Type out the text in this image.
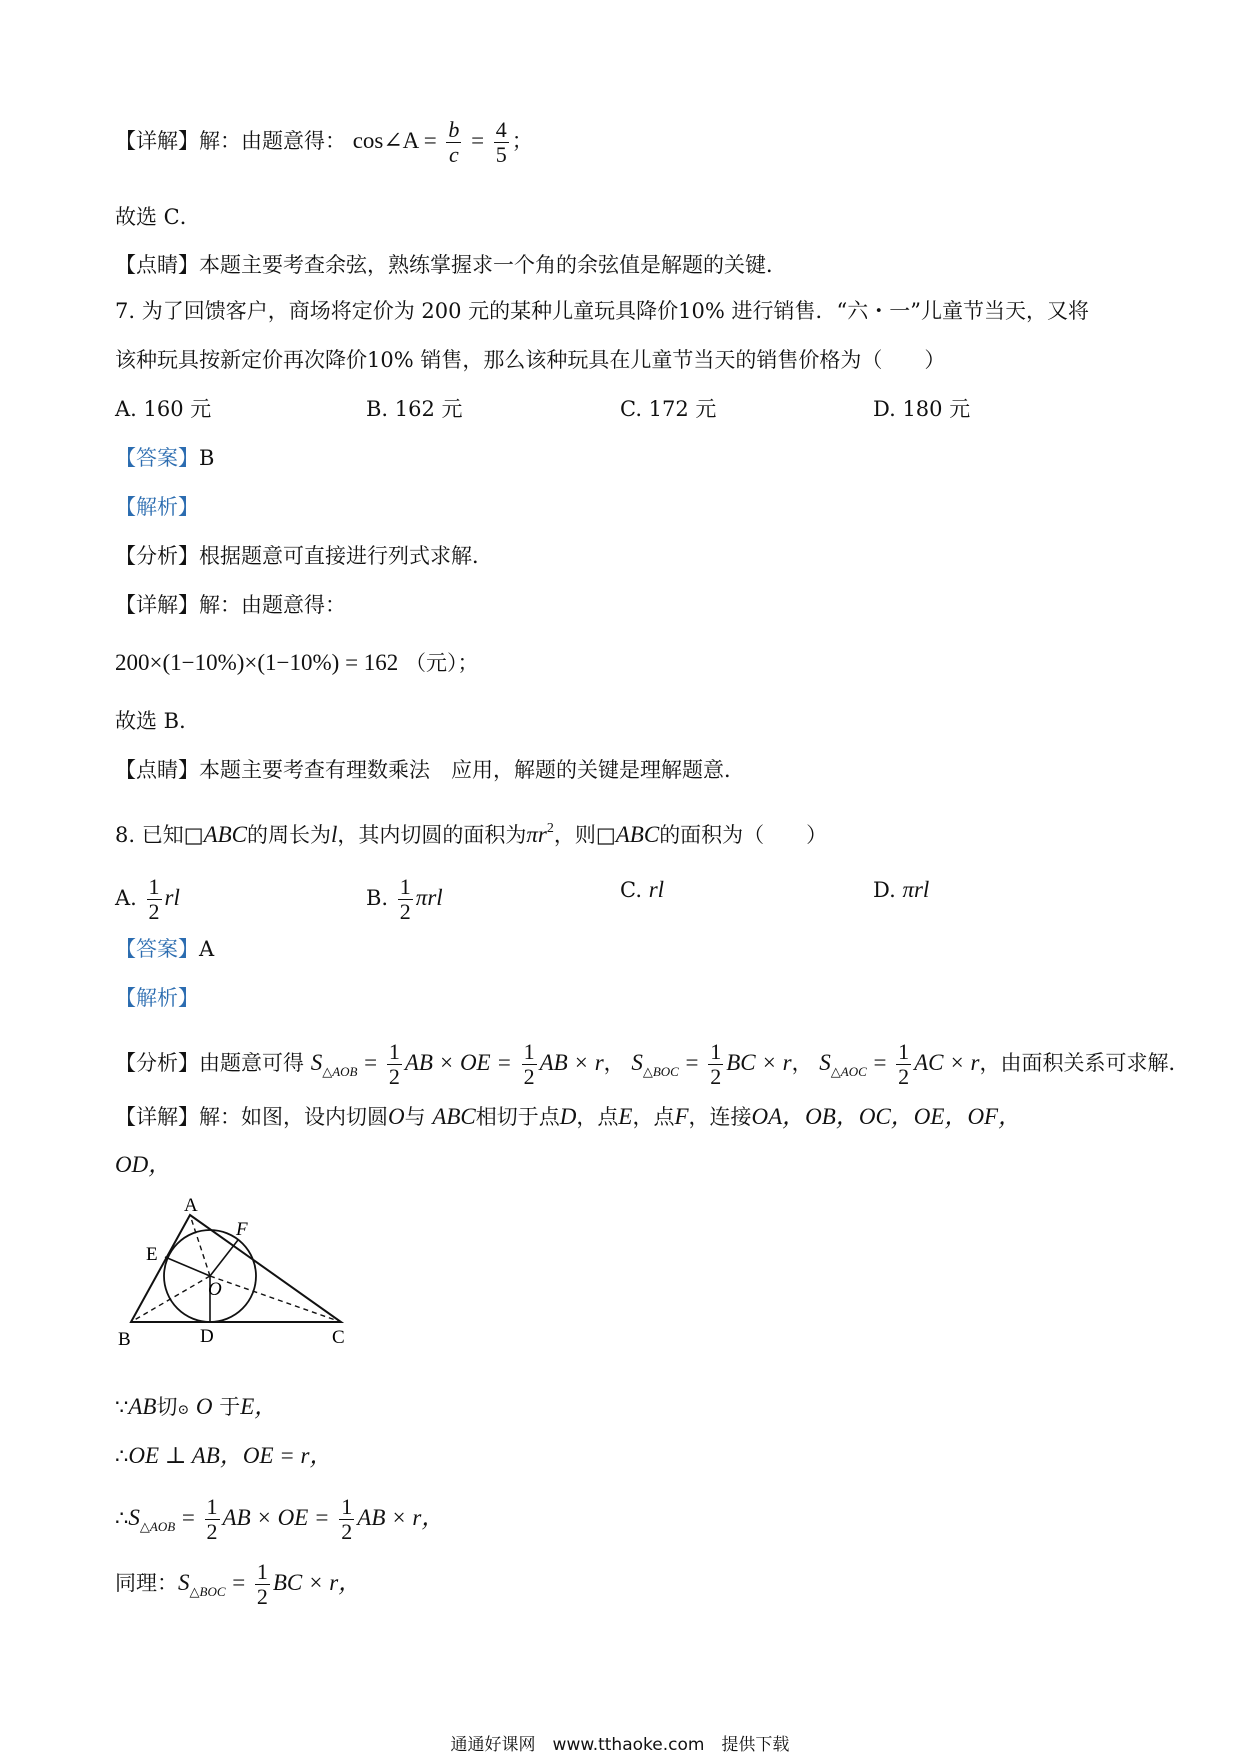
【详解】解：由题意得： cos∠A = $\frac{b}{c} = \frac{4}{5}$ ；
故选 C．
【点睛】本题主要考查余弦，熟练掌握求一个角的余弦值是解题的关键．
7. 为了回馈客户，商场将定价为 200 元的某种儿童玩具降价10% 进行销售．“六・一”儿童节当天，又将
该种玩具按新定价再次降价10% 销售，那么该种玩具在儿童节当天的销售价格为（　　）
A. 160 元	B. 162 元	C. 172 元	D. 180 元
【答案】B
【解析】
【分析】根据题意可直接进行列式求解．
【详解】解：由题意得：
200×(1−10%)×(1−10%) = 162 （元）；
故选 B．
【点睛】本题主要考查有理数乘法　应用，解题的关键是理解题意．
8. 已知□ABC的周长为l，其内切圆的面积为$\pi r^2$，则□ABC的面积为（　　）
A. $\frac{1}{2}$ rl	B. $\frac{1}{2}$ πrl	C. rl	D. πrl
【答案】A
【解析】
【分析】由题意可得 $S_{\triangle AOB} = \frac{1}{2}$ AB × OE = $\frac{1}{2}$ AB × r， $S_{\triangle BOC} = \frac{1}{2}$ BC × r， $S_{\triangle AOC} = \frac{1}{2}$ AC × r，由面积关系可求解．
【详解】解：如图，设内切圆O与 ABC相切于点D，点E，点F，连接OA，OB，OC，OE，OF，
OD，
A
B	C
D
E
F
O
∵AB切⊙ O 于E，
∴OE ⊥ AB，OE = r，
$\therefore S_{\triangle AOB} = \frac{1}{2}$ AB × OE = $\frac{1}{2}$ AB × r，
同理：$S_{\triangle BOC} = \frac{1}{2}$ BC × r，
通通好课网　www.tthaoke.com　提供下载
